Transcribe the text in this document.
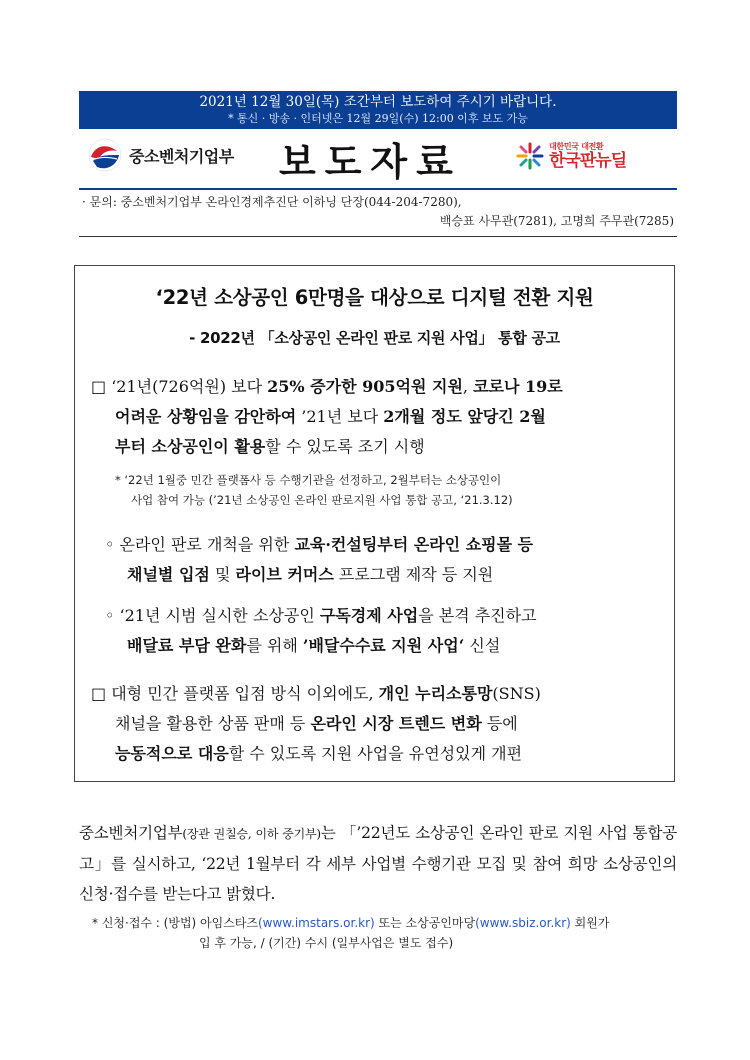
2021년 12월 30일(목) 조간부터 보도하여 주시기 바랍니다.
* 통신 · 방송 · 인터넷은 12월 29일(수) 12:00 이후 보도 가능
중소벤처기업부 보도자료	대한민국 대전환
한국판뉴딜
· 문의: 중소벤처기업부 온라인경제추진단 이하닝 단장(044-204-7280),
백승표 사무관(7281), 고명희 주무관(7285)
‘22년 소상공인 6만명을 대상으로 디지털 전환 지원
- 2022년 「소상공인 온라인 판로 지원 사업」 통합 공고
□ ‘21년(726억원) 보다 25% 증가한 905억원 지원, 코로나 19로
어려운 상황임을 감안하여 ’21년 보다 2개월 정도 앞당긴 2월
부터 소상공인이 활용할 수 있도록 조기 시행
* ‘22년 1월중 민간 플랫폼사 등 수행기관을 선정하고, 2월부터는 소상공인이
사업 참여 가능 (’21년 소상공인 온라인 판로지원 사업 통합 공고, ‘21.3.12)
◦ 온라인 판로 개척을 위한 교육·컨설팅부터 온라인 쇼핑몰 등
채널별 입점 및 라이브 커머스 프로그램 제작 등 지원
◦ ‘21년 시범 실시한 소상공인 구독경제 사업을 본격 추진하고
배달료 부담 완화를 위해 ’배달수수료 지원 사업‘ 신설
□ 대형 민간 플랫폼 입점 방식 이외에도, 개인 누리소통망(SNS)
채널을 활용한 상품 판매 등 온라인 시장 트렌드 변화 등에
능동적으로 대응할 수 있도록 지원 사업을 유연성있게 개편
중소벤처기업부(장관 권칠승, 이하 중기부)는 「’22년도 소상공인 온라인 판로 지원 사업 통합공고」를 실시하고, ‘22년 1월부터 각 세부 사업별 수행기관 모집 및 참여 희망 소상공인의 신청·접수를 받는다고 밝혔다.
* 신청·접수 : (방법) 아임스타즈(www.imstars.or.kr) 또는 소상공인마당(www.sbiz.or.kr) 회원가
입 후 가능, / (기간) 수시 (일부사업은 별도 접수)
